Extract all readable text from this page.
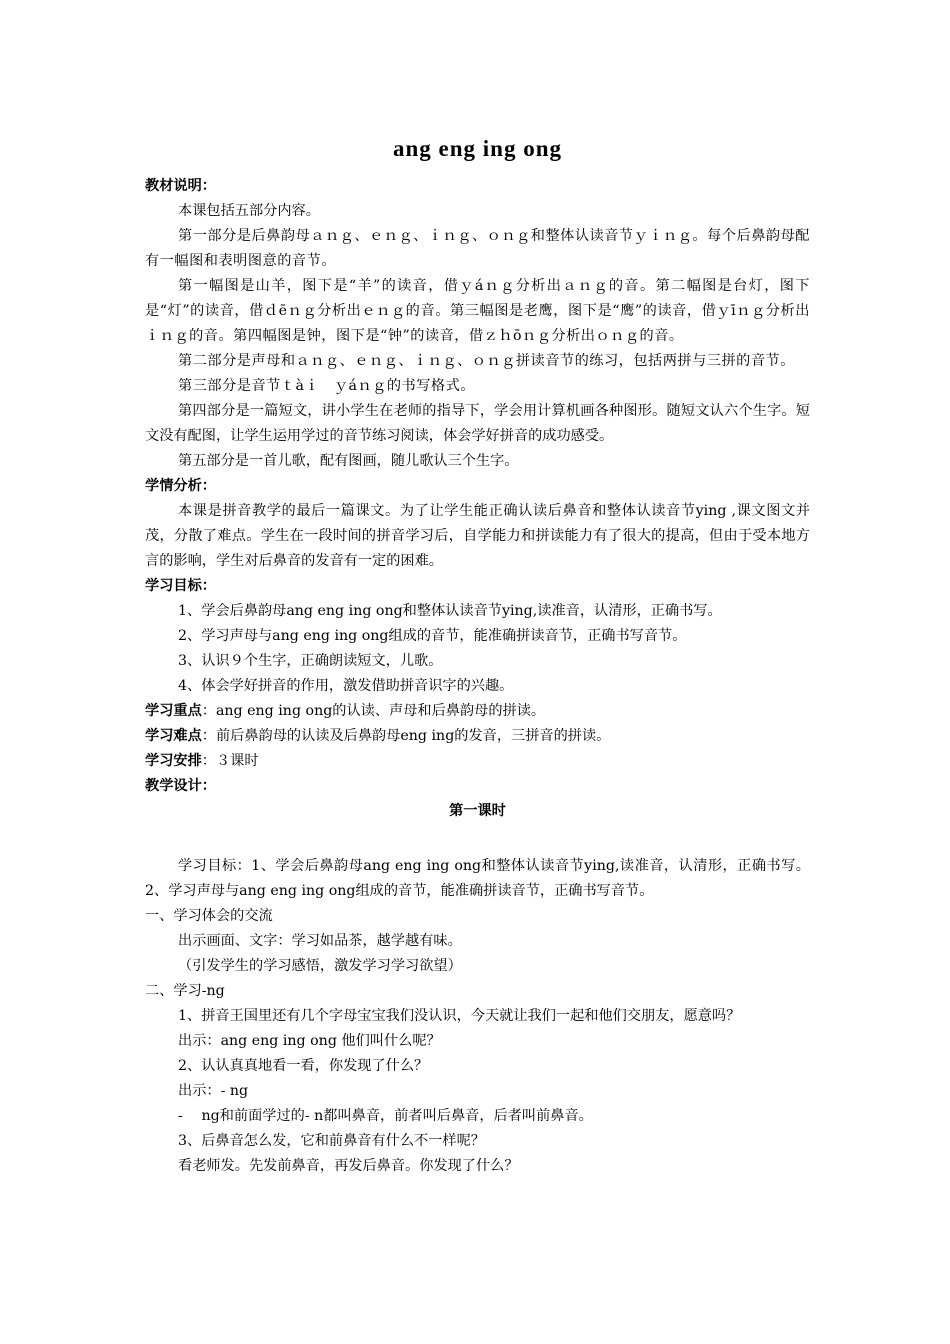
ang eng ing ong

教材说明：

本课包括五部分内容。

第一部分是后鼻韵母ａｎｇ、ｅｎｇ、ｉｎｇ、ｏｎｇ和整体认读音节ｙｉｎｇ。每个后鼻韵母配有一幅图和表明图意的音节。

第一幅图是山羊，图下是“羊”的读音，借ｙáｎｇ分析出ａｎｇ的音。第二幅图是台灯，图下是“灯”的读音，借ｄēｎｇ分析出ｅｎｇ的音。第三幅图是老鹰，图下是“鹰”的读音，借ｙīｎｇ分析出ｉｎｇ的音。第四幅图是钟，图下是“钟”的读音，借ｚｈōｎｇ分析出ｏｎｇ的音。

第二部分是声母和ａｎｇ、ｅｎｇ、ｉｎｇ、ｏｎｇ拼读音节的练习，包括两拼与三拼的音节。

第三部分是音节ｔàｉ　ｙáｎｇ的书写格式。

第四部分是一篇短文，讲小学生在老师的指导下，学会用计算机画各种图形。随短文认六个生字。短文没有配图，让学生运用学过的音节练习阅读，体会学好拼音的成功感受。

第五部分是一首儿歌，配有图画，随儿歌认三个生字。

学情分析：

本课是拼音教学的最后一篇课文。为了让学生能正确认读后鼻音和整体认读音节ying ,课文图文并茂，分散了难点。学生在一段时间的拼音学习后，自学能力和拼读能力有了很大的提高，但由于受本地方言的影响，学生对后鼻音的发音有一定的困难。

学习目标：

1、学会后鼻韵母ang eng ing ong和整体认读音节ying,读准音，认清形，正确书写。

2、学习声母与ang eng ing ong组成的音节，能准确拼读音节，正确书写音节。

3、认识９个生字，正确朗读短文，儿歌。

4、体会学好拼音的作用，激发借助拼音识字的兴趣。

学习重点：ang eng ing ong的认读、声母和后鼻韵母的拼读。

学习难点：前后鼻韵母的认读及后鼻韵母eng ing的发音，三拼音的拼读。

学习安排：３课时

教学设计：

第一课时

学习目标：1、学会后鼻韵母ang eng ing ong和整体认读音节ying,读准音，认清形，正确书写。2、学习声母与ang eng ing ong组成的音节，能准确拼读音节，正确书写音节。

一、学习体会的交流

出示画面、文字：学习如品茶，越学越有味。

（引发学生的学习感悟，激发学习学习欲望）

二、学习-ng

1、拼音王国里还有几个字母宝宝我们没认识，今天就让我们一起和他们交朋友，愿意吗？

出示：ang eng ing ong 他们叫什么呢？

2、认认真真地看一看，你发现了什么？

出示：- ng

-　 ng和前面学过的- n都叫鼻音，前者叫后鼻音，后者叫前鼻音。

3、后鼻音怎么发，它和前鼻音有什么不一样呢？

看老师发。先发前鼻音，再发后鼻音。你发现了什么？
